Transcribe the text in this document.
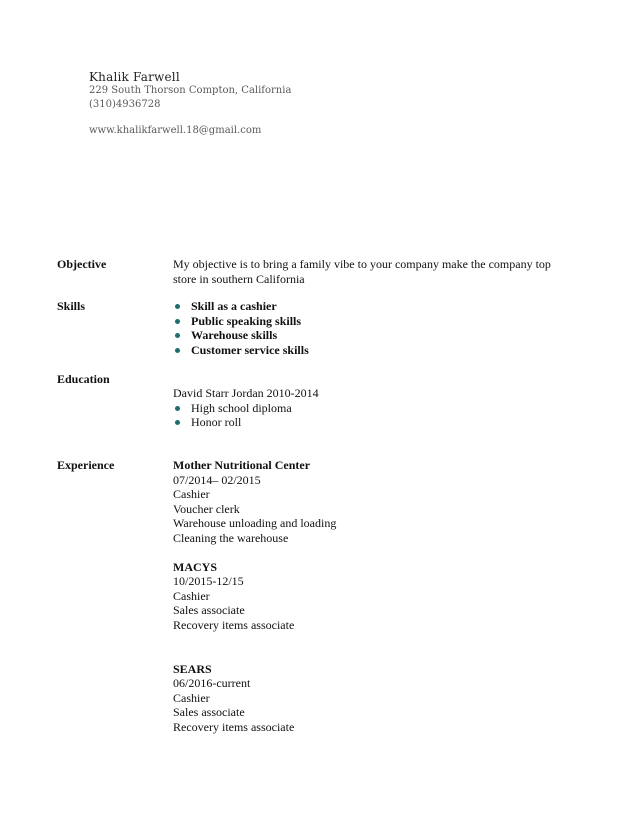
Khalik Farwell
229 South Thorson Compton, California
(310)4936728
www.khalikfarwell.18@gmail.com
Objective	My objective is to bring a family vibe to your company make the company top store in southern California
Skills	Skill as a cashier
Public speaking skills
Warehouse skills
Customer service skills
Education
David Starr Jordan 2010-2014
High school diploma
Honor roll
Experience	Mother Nutritional Center
07/2014– 02/2015
Cashier
Voucher clerk
Warehouse unloading and loading
Cleaning the warehouse
MACYS
10/2015-12/15
Cashier
Sales associate
Recovery items associate
SEARS
06/2016-current
Cashier
Sales associate
Recovery items associate
